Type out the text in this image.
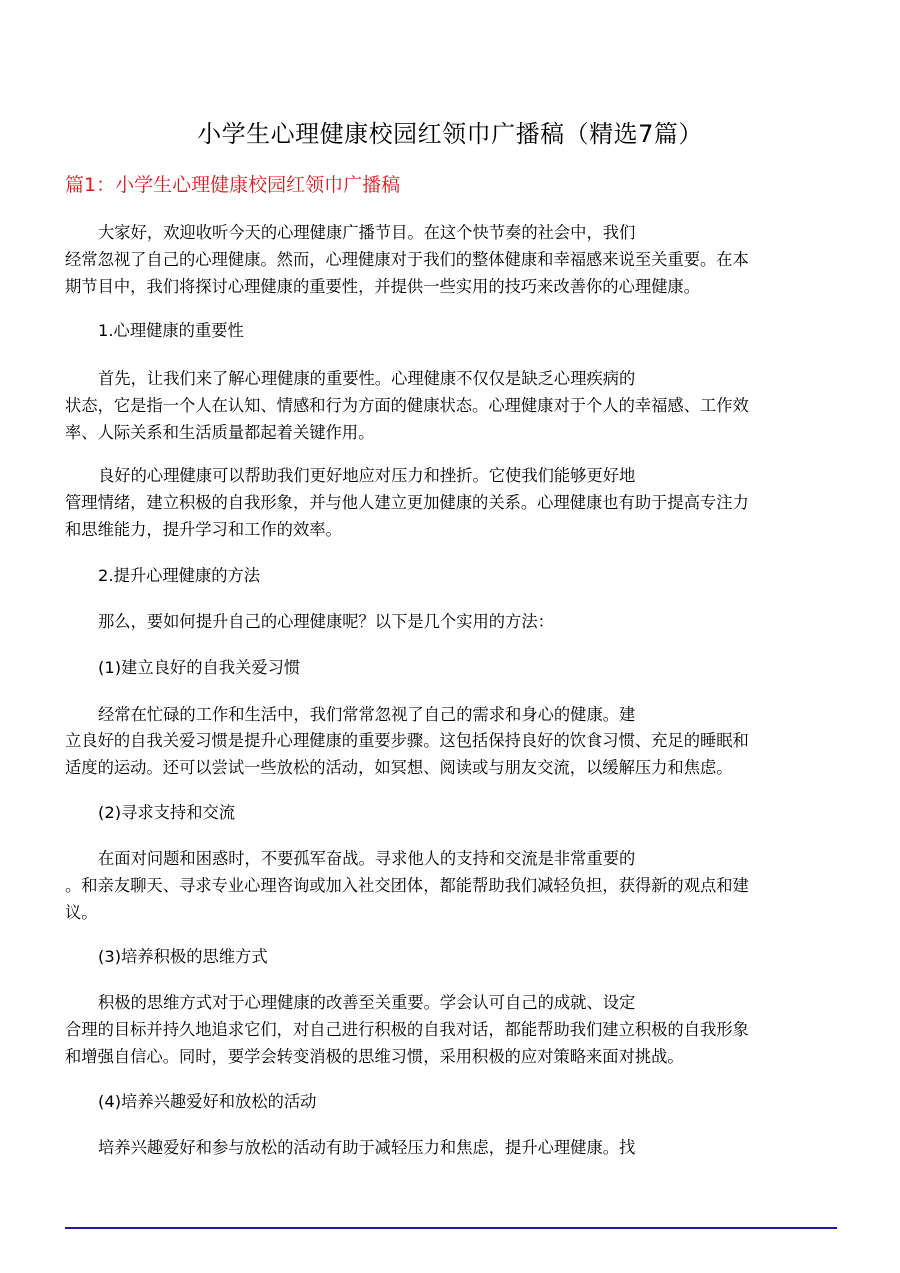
小学生心理健康校园红领巾广播稿（精选7篇）
篇1：小学生心理健康校园红领巾广播稿
大家好，欢迎收听今天的心理健康广播节目。在这个快节奏的社会中，我们
经常忽视了自己的心理健康。然而，心理健康对于我们的整体健康和幸福感来说至关重要。在本
期节目中，我们将探讨心理健康的重要性，并提供一些实用的技巧来改善你的心理健康。
1.心理健康的重要性
首先，让我们来了解心理健康的重要性。心理健康不仅仅是缺乏心理疾病的
状态，它是指一个人在认知、情感和行为方面的健康状态。心理健康对于个人的幸福感、工作效
率、人际关系和生活质量都起着关键作用。
良好的心理健康可以帮助我们更好地应对压力和挫折。它使我们能够更好地
管理情绪，建立积极的自我形象，并与他人建立更加健康的关系。心理健康也有助于提高专注力
和思维能力，提升学习和工作的效率。
2.提升心理健康的方法
那么，要如何提升自己的心理健康呢？以下是几个实用的方法：
(1)建立良好的自我关爱习惯
经常在忙碌的工作和生活中，我们常常忽视了自己的需求和身心的健康。建
立良好的自我关爱习惯是提升心理健康的重要步骤。这包括保持良好的饮食习惯、充足的睡眠和
适度的运动。还可以尝试一些放松的活动，如冥想、阅读或与朋友交流，以缓解压力和焦虑。
(2)寻求支持和交流
在面对问题和困惑时，不要孤军奋战。寻求他人的支持和交流是非常重要的
。和亲友聊天、寻求专业心理咨询或加入社交团体，都能帮助我们减轻负担，获得新的观点和建
议。
(3)培养积极的思维方式
积极的思维方式对于心理健康的改善至关重要。学会认可自己的成就、设定
合理的目标并持久地追求它们，对自己进行积极的自我对话，都能帮助我们建立积极的自我形象
和增强自信心。同时，要学会转变消极的思维习惯，采用积极的应对策略来面对挑战。
(4)培养兴趣爱好和放松的活动
培养兴趣爱好和参与放松的活动有助于减轻压力和焦虑，提升心理健康。找
